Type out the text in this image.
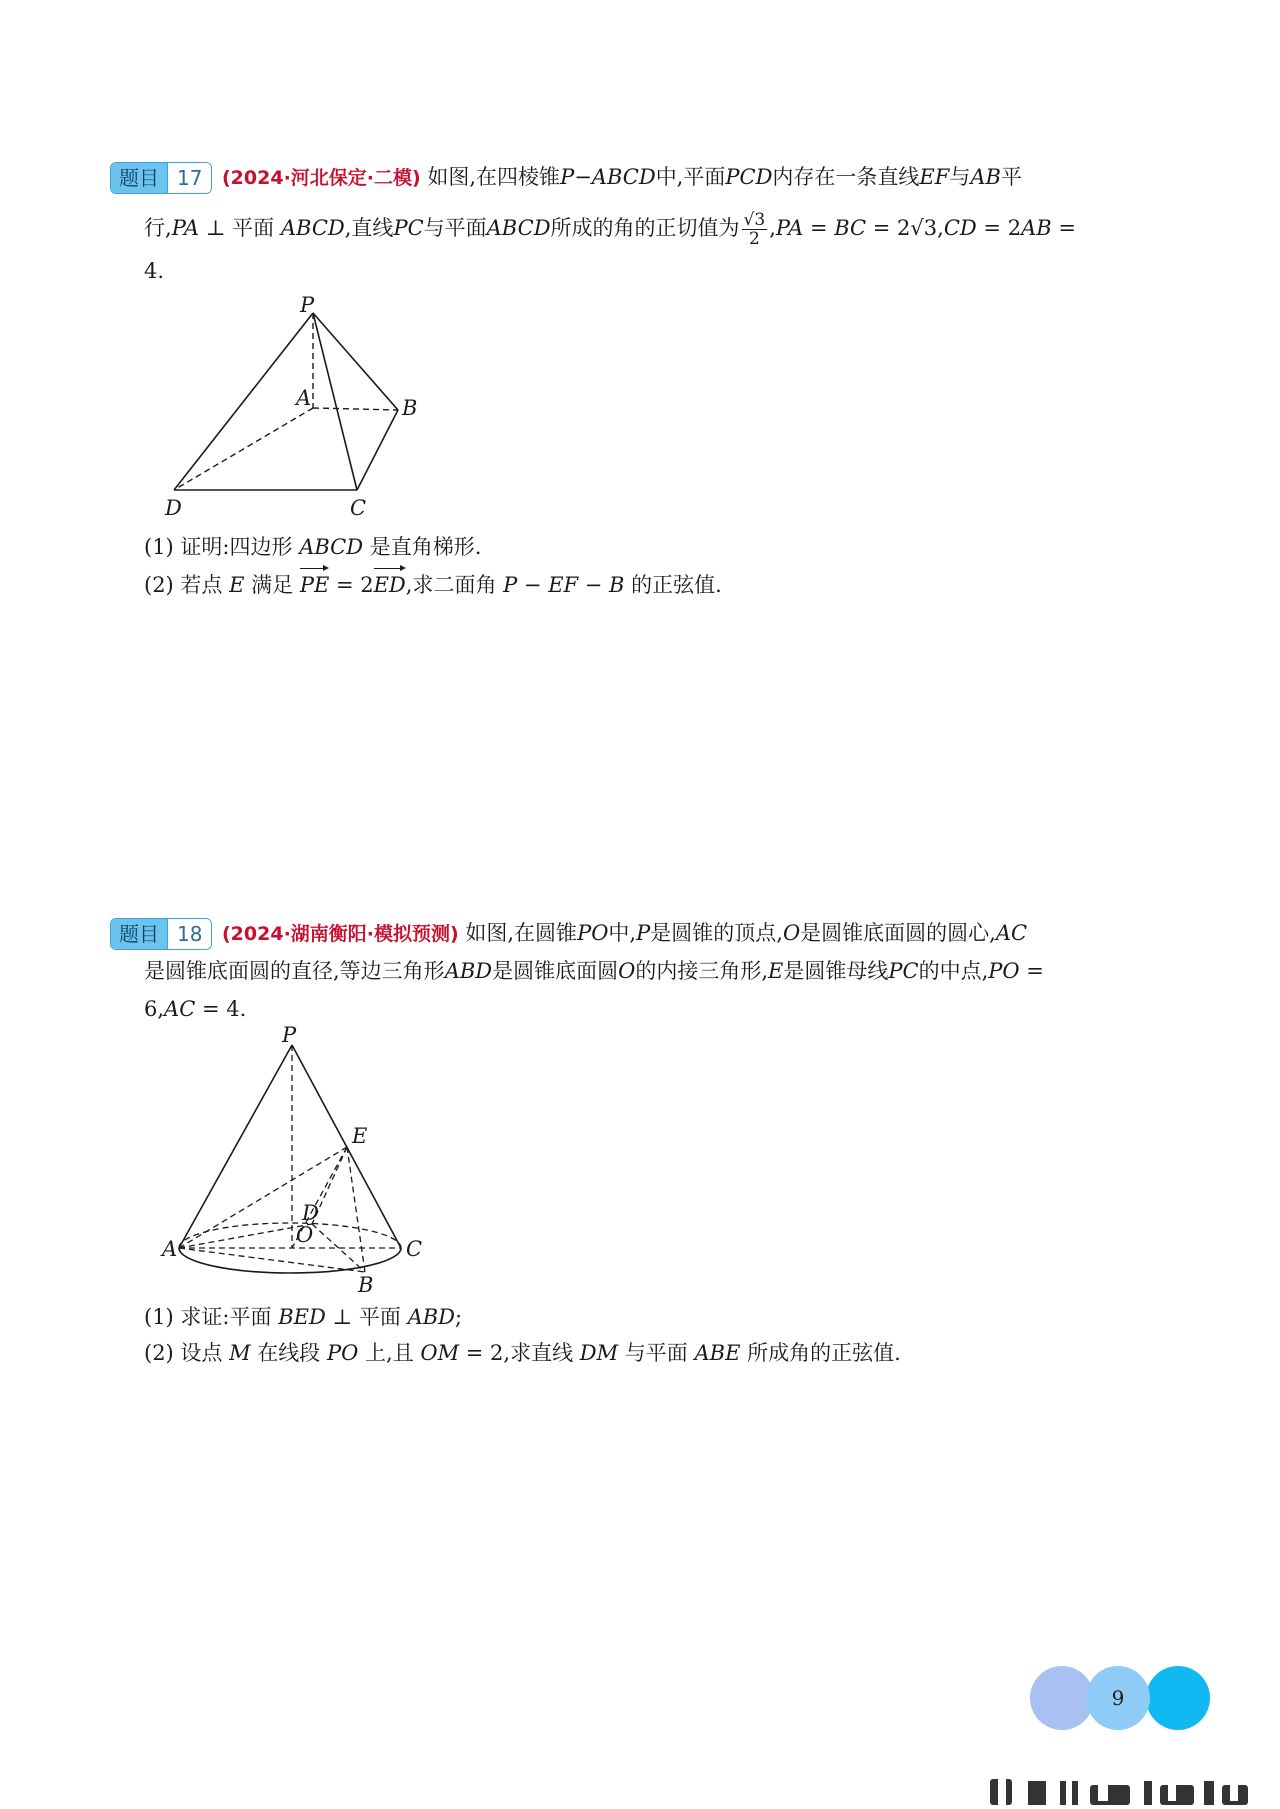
题目 17	(2024·河北保定·二模) 如图,在四棱锥P−ABCD中,平面PCD内存在一条直线EF与AB平
行,PA ⊥ 平面 ABCD,直线PC与平面ABCD所成的角的正切值为 $\frac{√3}{2} ,PA$ = BC = 2√3,CD = 2AB =
4.
P
A	B
C
D
(1) 证明:四边形 ABCD 是直角梯形.
(2) 若点 E 满足 PE = 2ED,求二面角 P − EF − B 的正弦值.
题目 18	(2024·湖南衡阳·模拟预测) 如图,在圆锥PO中,P是圆锥的顶点,O是圆锥底面圆的圆心,AC
是圆锥底面圆的直径,等边三角形ABD是圆锥底面圆O的内接三角形,E是圆锥母线PC的中点,PO =
6,AC = 4.
P
E
D
O
A	C
B
(1) 求证:平面 BED ⊥ 平面 ABD;
(2) 设点 M 在线段 PO 上,且 OM = 2,求直线 DM 与平面 ABE 所成角的正弦值.
9
